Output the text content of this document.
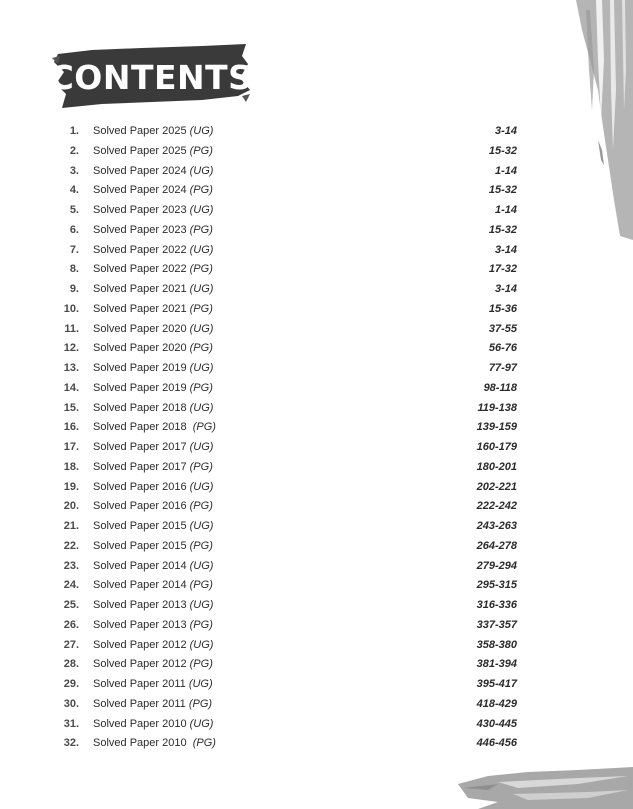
CONTENTS
1. Solved Paper 2025 (UG)	3-14
2. Solved Paper 2025 (PG)	15-32
3. Solved Paper 2024 (UG)	1-14
4. Solved Paper 2024 (PG)	15-32
5. Solved Paper 2023 (UG)	1-14
6. Solved Paper 2023 (PG)	15-32
7. Solved Paper 2022 (UG)	3-14
8. Solved Paper 2022 (PG)	17-32
9. Solved Paper 2021 (UG)	3-14
10. Solved Paper 2021 (PG)	15-36
11. Solved Paper 2020 (UG)	37-55
12. Solved Paper 2020 (PG)	56-76
13. Solved Paper 2019 (UG)	77-97
14. Solved Paper 2019 (PG)	98-118
15. Solved Paper 2018 (UG)	119-138
16. Solved Paper 2018  (PG)	139-159
17. Solved Paper 2017 (UG)	160-179
18. Solved Paper 2017 (PG)	180-201
19. Solved Paper 2016 (UG)	202-221
20. Solved Paper 2016 (PG)	222-242
21. Solved Paper 2015 (UG)	243-263
22. Solved Paper 2015 (PG)	264-278
23. Solved Paper 2014 (UG)	279-294
24. Solved Paper 2014 (PG)	295-315
25. Solved Paper 2013 (UG)	316-336
26. Solved Paper 2013 (PG)	337-357
27. Solved Paper 2012 (UG)	358-380
28. Solved Paper 2012 (PG)	381-394
29. Solved Paper 2011 (UG)	395-417
30. Solved Paper 2011 (PG)	418-429
31. Solved Paper 2010 (UG)	430-445
32. Solved Paper 2010  (PG)	446-456
